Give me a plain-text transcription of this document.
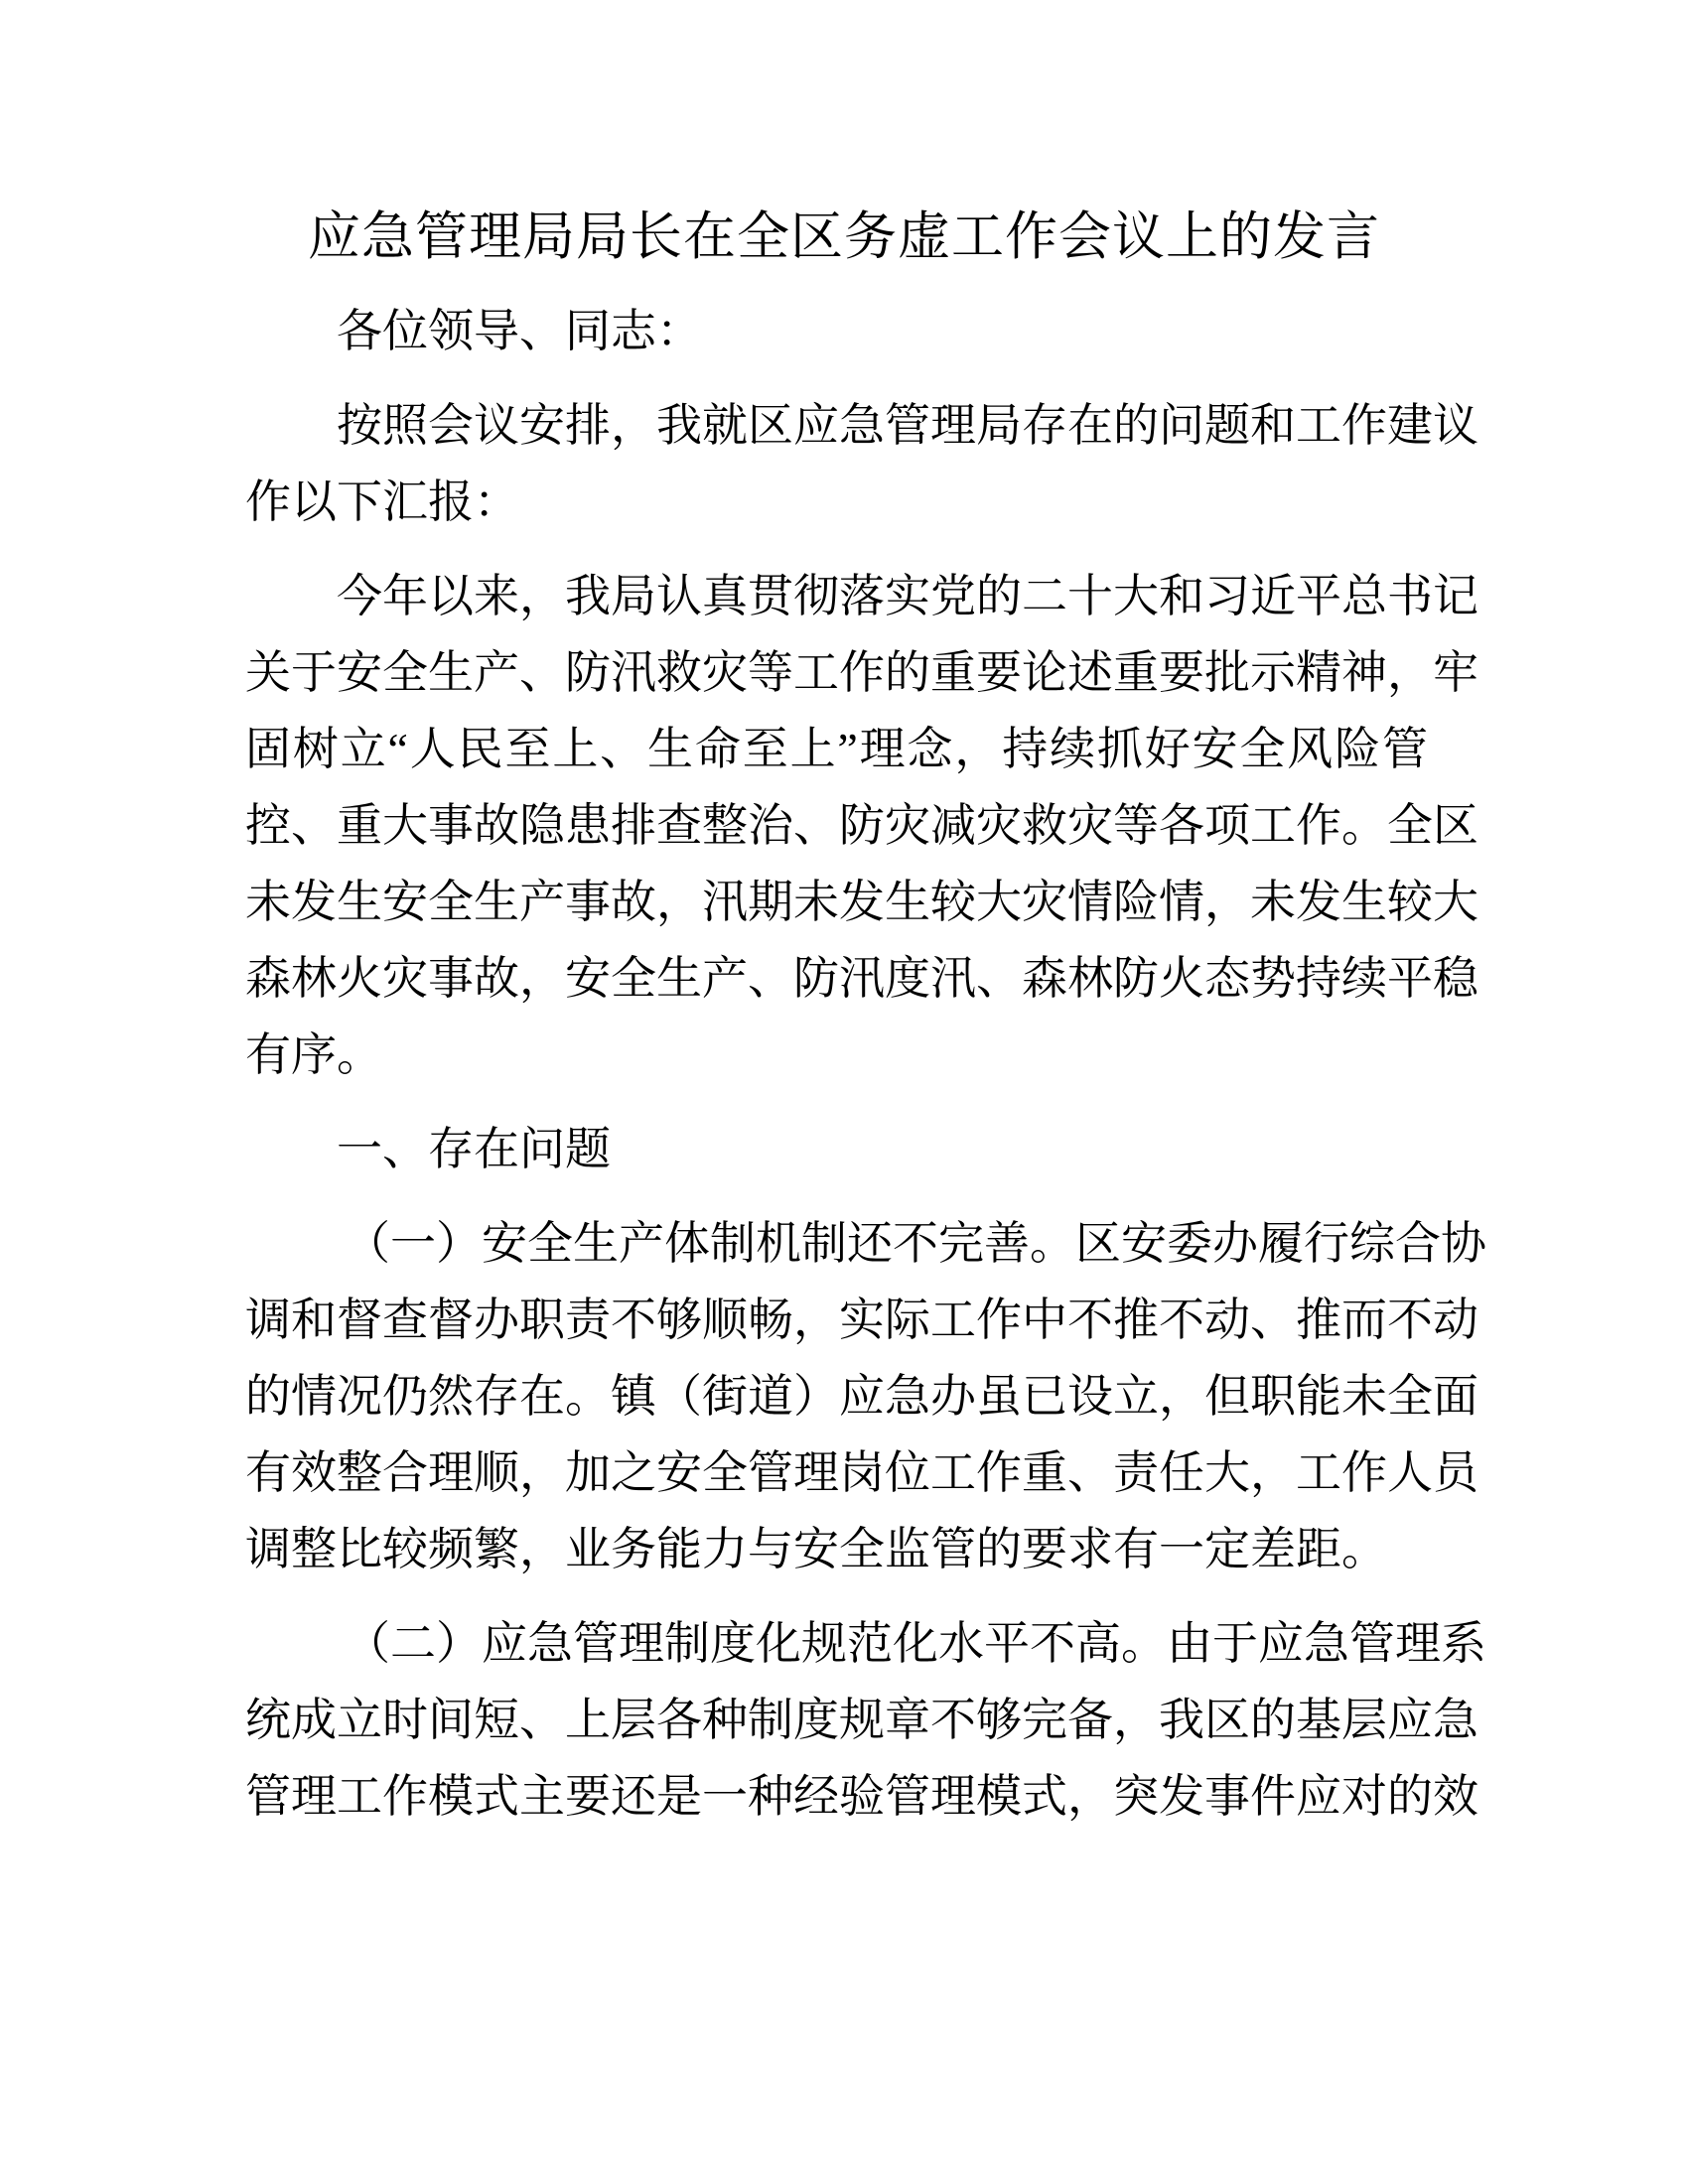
应急管理局局长在全区务虚工作会议上的发言
各位领导、同志：
按照会议安排，我就区应急管理局存在的问题和工作建议
作以下汇报：
今年以来，我局认真贯彻落实党的二十大和习近平总书记
关于安全生产、防汛救灾等工作的重要论述重要批示精神，牢
固树立“人民至上、生命至上”理念，持续抓好安全风险管
控、重大事故隐患排查整治、防灾减灾救灾等各项工作。全区
未发生安全生产事故，汛期未发生较大灾情险情，未发生较大
森林火灾事故，安全生产、防汛度汛、森林防火态势持续平稳
有序。
一、存在问题
（一）安全生产体制机制还不完善。区安委办履行综合协
调和督查督办职责不够顺畅，实际工作中不推不动、推而不动
的情况仍然存在。镇（街道）应急办虽已设立，但职能未全面
有效整合理顺，加之安全管理岗位工作重、责任大，工作人员
调整比较频繁，业务能力与安全监管的要求有一定差距。
（二）应急管理制度化规范化水平不高。由于应急管理系
统成立时间短、上层各种制度规章不够完备，我区的基层应急
管理工作模式主要还是一种经验管理模式，突发事件应对的效
